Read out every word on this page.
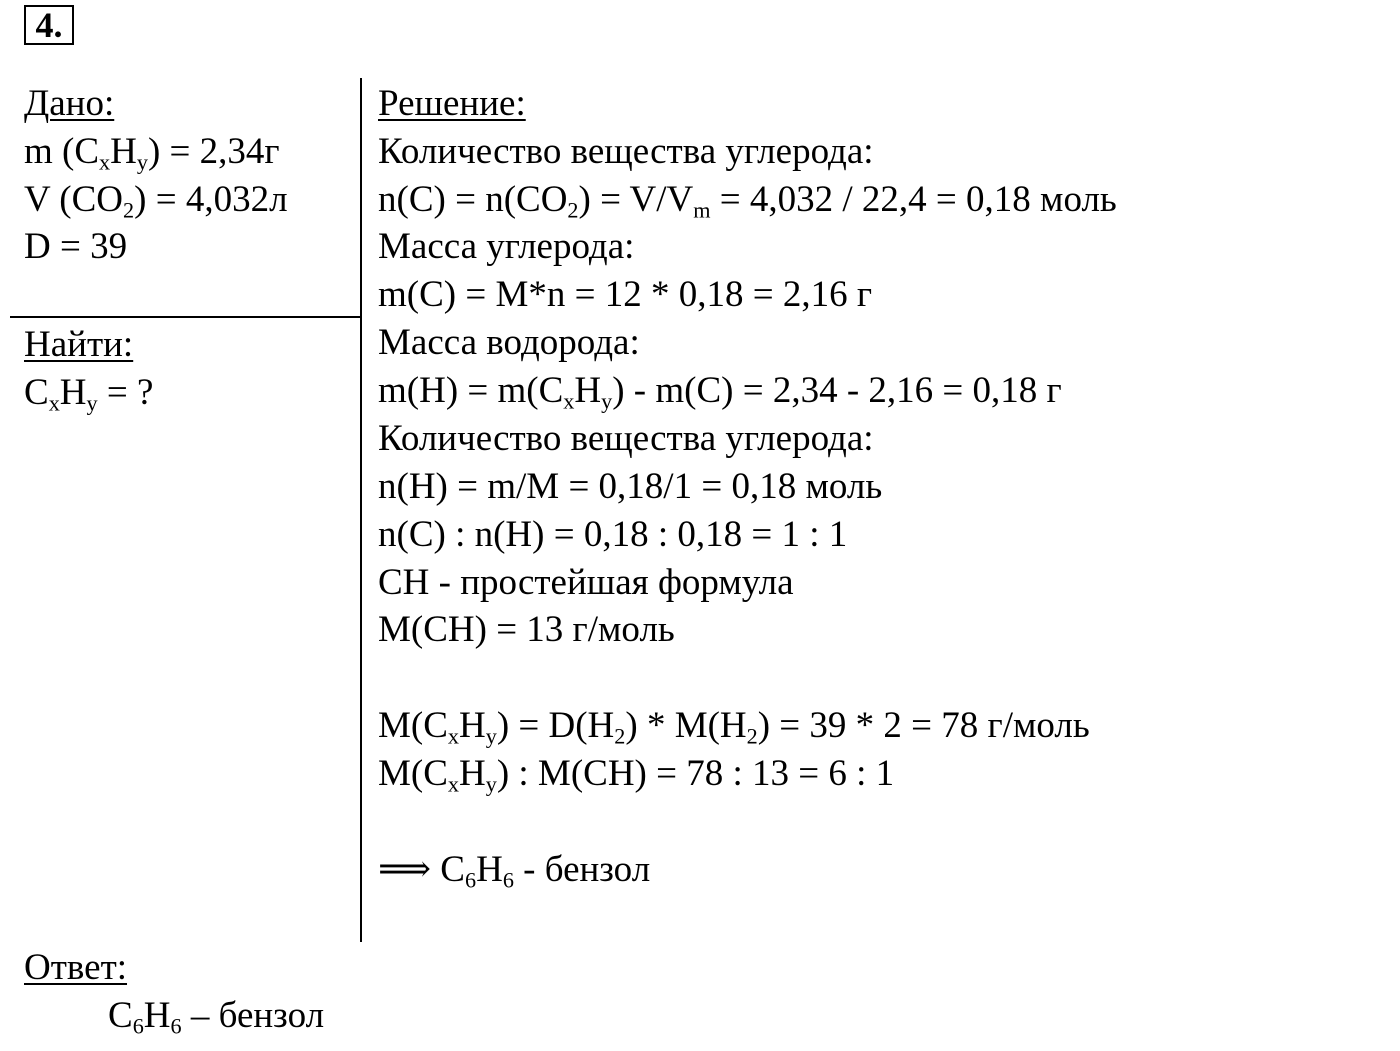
4.
Дано:
m $(C_xH_y) = 2,34г$
V $(CO_2) = 4,032л$
D = 39
Найти:
$C_xH_y$ = ?
Решение:
Количество вещества углерода:
$n(C) = n(CO_2) = V/V_m = 4,032 / 22,4 = 0,18$ моль
Масса углерода:
m(C) = M*n = 12 * 0,18 = 2,16 г
Масса водорода:
$m(H) = m(C_xH_y) - m(C) = 2,34 - 2,16 = 0,18$ г
Количество вещества углерода:
n(H) = m/M = 0,18/1 = 0,18 моль
n(C) : n(H) = 0,18 : 0,18 = 1 : 1
CH - простейшая формула
M(CH) = 13 г/моль
$M(C_xH_y) = D(H_2) * M(H_2) = 39 * 2 = 78$ г/моль
$M(C_xH_y)$ : M(CH) = 78 : 13 = 6 : 1
⟹ $C_6H_6$ - бензол
Ответ:
$C_6H_6$ – бензол
